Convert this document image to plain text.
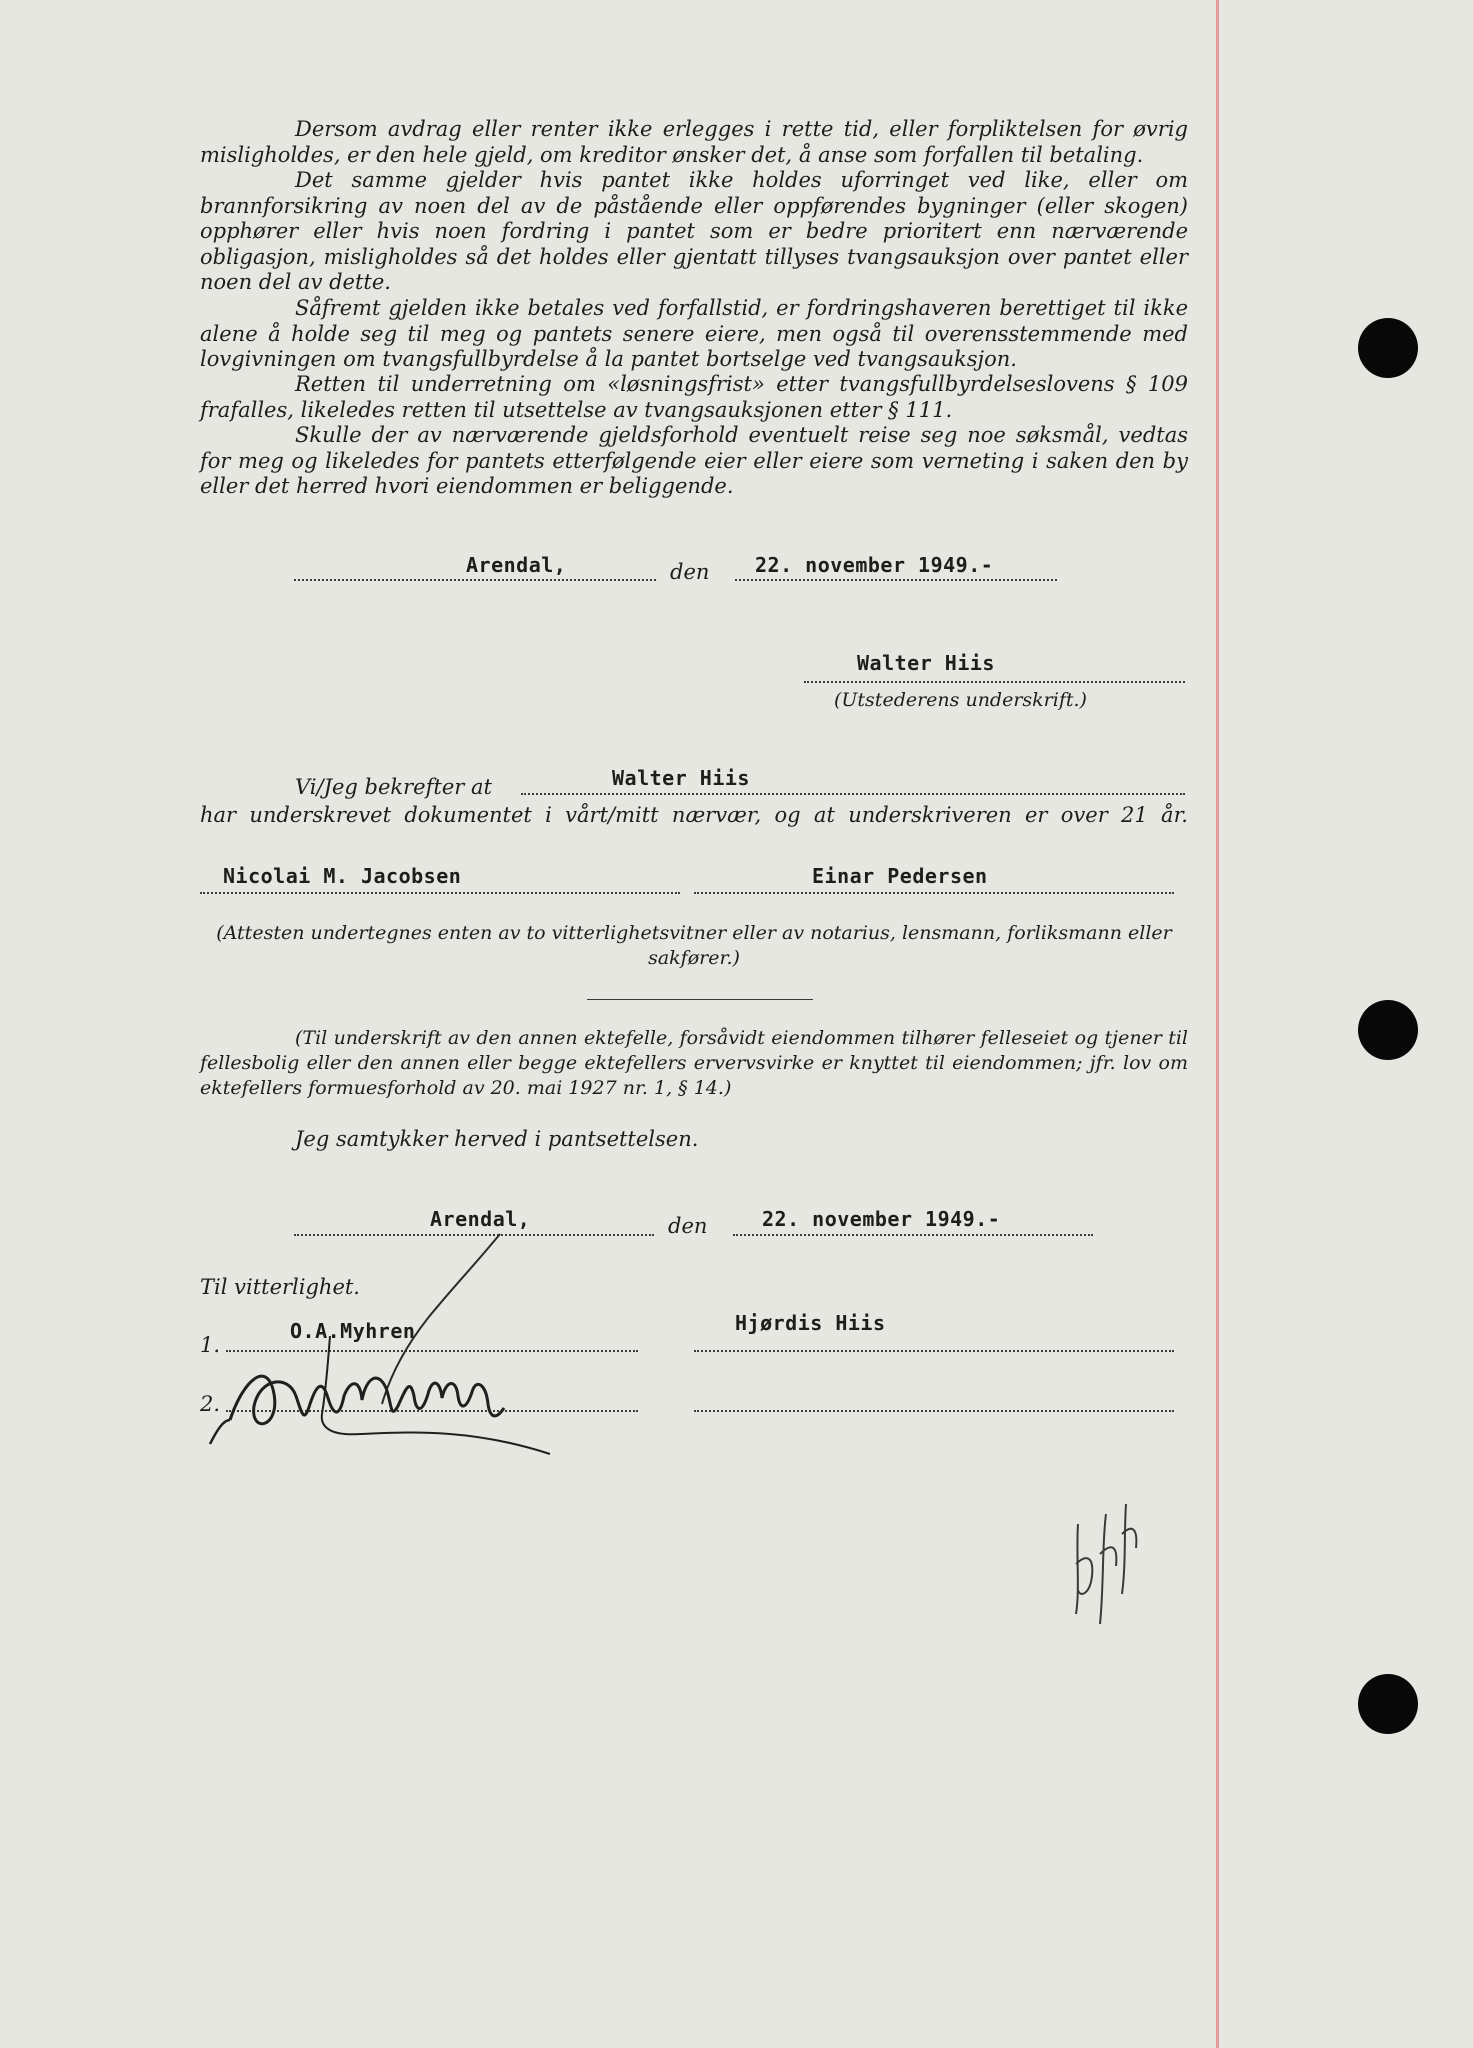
Dersom avdrag eller renter ikke erlegges i rette tid, eller forpliktelsen for øvrig misligholdes, er den hele gjeld, om kreditor ønsker det, å anse som forfallen til betaling.

Det samme gjelder hvis pantet ikke holdes uforringet ved like, eller om brannforsikring av noen del av de påstående eller oppførendes bygninger (eller skogen) opphører eller hvis noen fordring i pantet som er bedre prioritert enn nærværende obligasjon, misligholdes så det holdes eller gjentatt tillyses tvangsauksjon over pantet eller noen del av dette.

Såfremt gjelden ikke betales ved forfallstid, er fordringshaveren berettiget til ikke alene å holde seg til meg og pantets senere eiere, men også til overensstemmende med lovgivningen om tvangsfullbyrdelse å la pantet bortselge ved tvangsauksjon.

Retten til underretning om «løsningsfrist» etter tvangsfullbyrdelseslovens § 109 frafalles, likeledes retten til utsettelse av tvangsauksjonen etter § 111.

Skulle der av nærværende gjeldsforhold eventuelt reise seg noe søksmål, vedtas for meg og likeledes for pantets etterfølgende eier eller eiere som verneting i saken den by eller det herred hvori eiendommen er beliggende.

Arendal,	den 22. november 1949.-
Walter Hiis
(Utstederens underskrift.)
Vi/Jeg bekrefter at	Walter Hiis
har underskrevet dokumentet i vårt/mitt nærvær, og at underskriveren er over 21 år.
Nicolai M. Jacobsen	Einar Pedersen
(Attesten undertegnes enten av to vitterlighetsvitner eller av notarius, lensmann, forliksmann eller sakfører.)

(Til underskrift av den annen ektefelle, forsåvidt eiendommen tilhører felleseiet og tjener til fellesbolig eller den annen eller begge ektefellers ervervsvirke er knyttet til eiendommen; jfr. lov om ektefellers formuesforhold av 20. mai 1927 nr. 1, § 14.)

Jeg samtykker herved i pantsettelsen.
Arendal,	den	22. november 1949.-
Til vitterlighet.
1.
O.A.Myhren	Hjørdis Hiis
2.
